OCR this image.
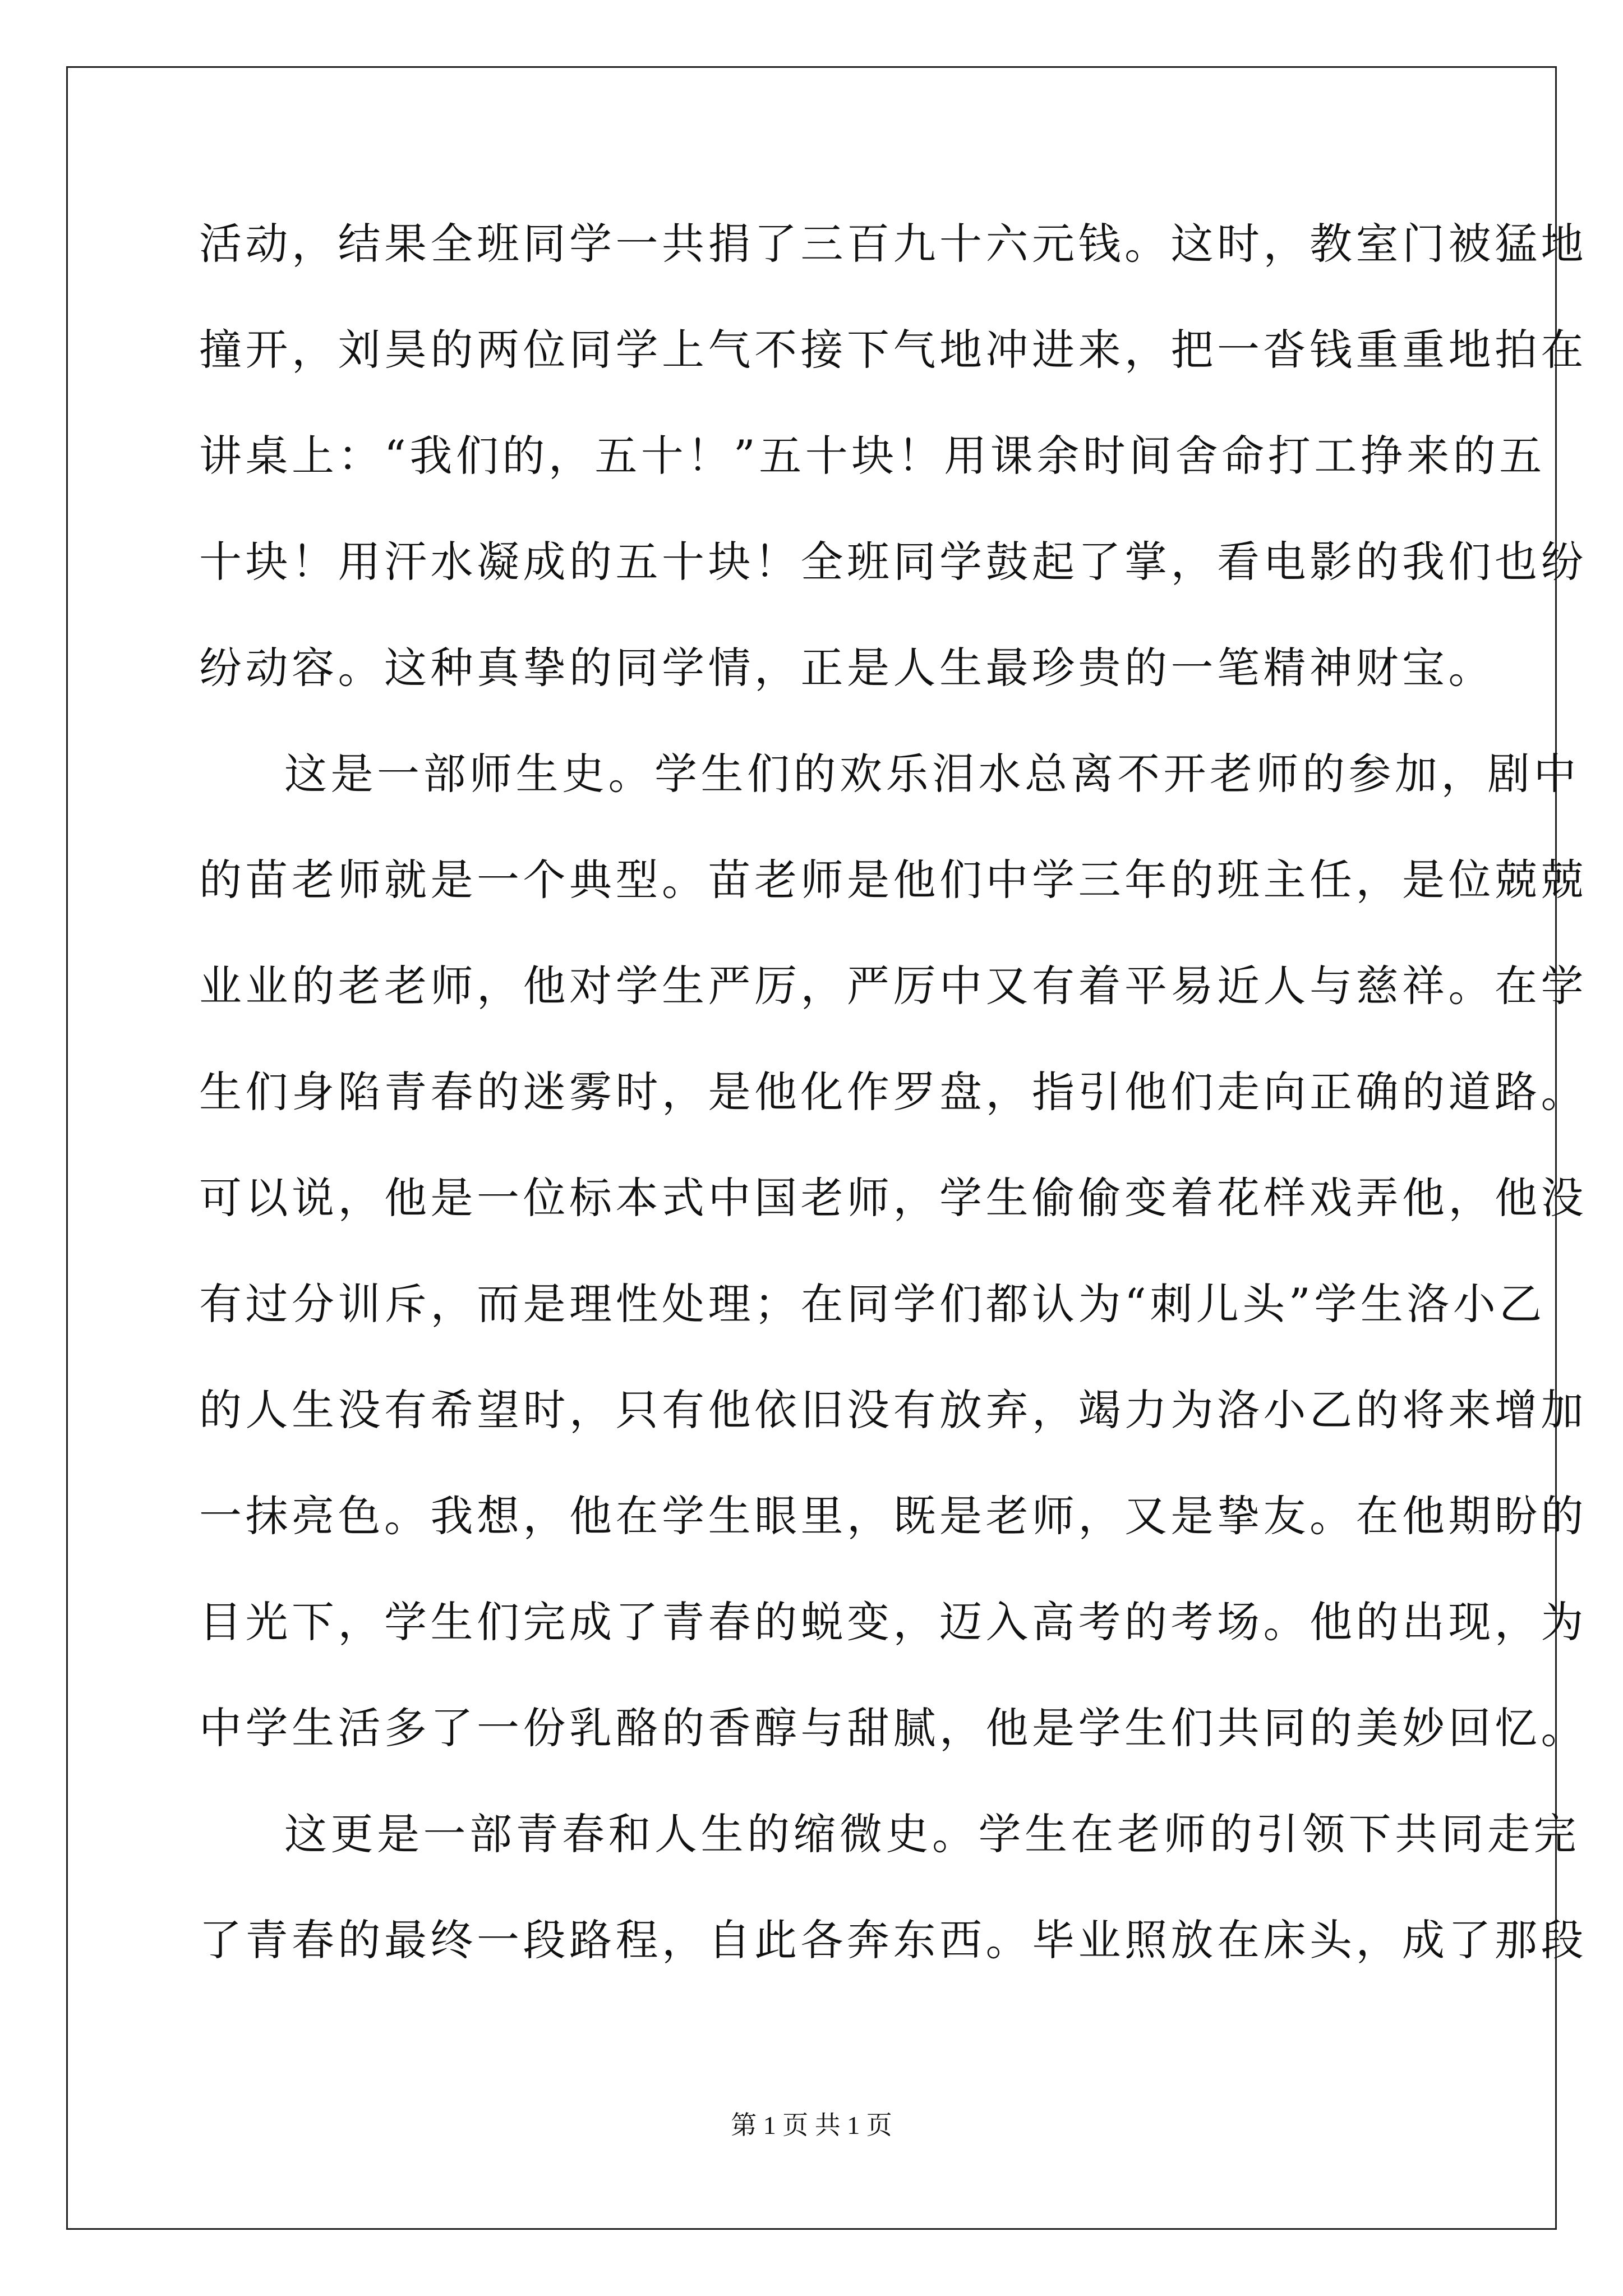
活动，结果全班同学一共捐了三百九十六元钱。这时，教室门被猛地
撞开，刘昊的两位同学上气不接下气地冲进来，把一沓钱重重地拍在
讲桌上：“我们的，五十！”五十块！用课余时间舍命打工挣来的五
十块！用汗水凝成的五十块！全班同学鼓起了掌，看电影的我们也纷
纷动容。这种真挚的同学情，正是人生最珍贵的一笔精神财宝。
这是一部师生史。学生们的欢乐泪水总离不开老师的参加，剧中
的苗老师就是一个典型。苗老师是他们中学三年的班主任，是位兢兢
业业的老老师，他对学生严厉，严厉中又有着平易近人与慈祥。在学
生们身陷青春的迷雾时，是他化作罗盘，指引他们走向正确的道路。
可以说，他是一位标本式中国老师，学生偷偷变着花样戏弄他，他没
有过分训斥，而是理性处理；在同学们都认为“刺儿头”学生洛小乙
的人生没有希望时，只有他依旧没有放弃，竭力为洛小乙的将来增加
一抹亮色。我想，他在学生眼里，既是老师，又是挚友。在他期盼的
目光下，学生们完成了青春的蜕变，迈入高考的考场。他的出现，为
中学生活多了一份乳酪的香醇与甜腻，他是学生们共同的美妙回忆。
这更是一部青春和人生的缩微史。学生在老师的引领下共同走完
了青春的最终一段路程，自此各奔东西。毕业照放在床头，成了那段
第 1 页 共 1 页
